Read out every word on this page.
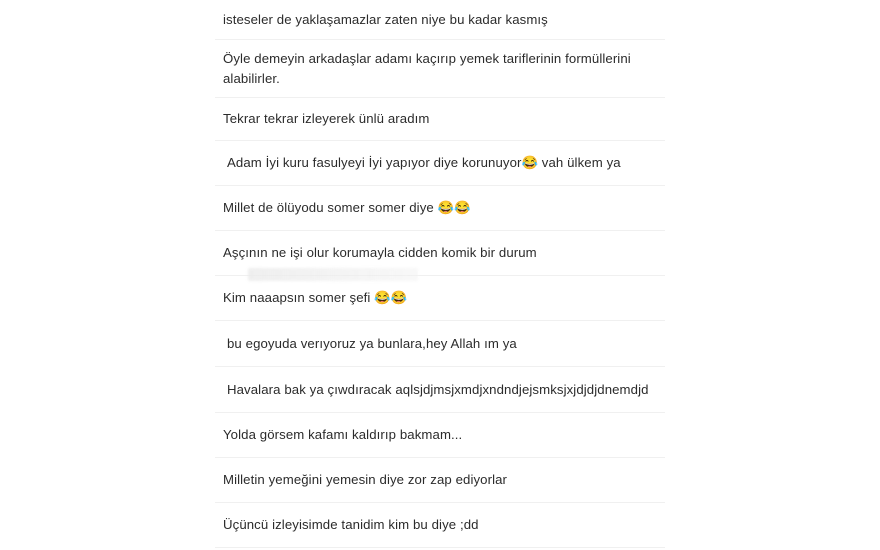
isteseler de yaklaşamazlar zaten niye bu kadar kasmış
Öyle demeyin arkadaşlar adamı kaçırıp yemek tariflerinin formüllerini alabilirler.
Tekrar tekrar izleyerek ünlü aradım
Adam İyi kuru fasulyeyi İyi yapıyor diye korunuyor😂 vah ülkem ya
Millet de ölüyodu somer somer diye 😂😂
Aşçının ne işi olur korumayla cidden komik bir durum
Kim naaapsın somer şefi 😂😂
bu egoyuda verıyoruz ya bunlara,hey Allah ım ya
Havalara bak ya çıwdıracak aqlsjdjmsjxmdjxndndjejsmksjxjdjdjdnemdjd
Yolda görsem kafamı kaldırıp bakmam...
Milletin yemeğini yemesin diye zor zap ediyorlar
Üçüncü izleyisimde tanidim kim bu diye ;dd
